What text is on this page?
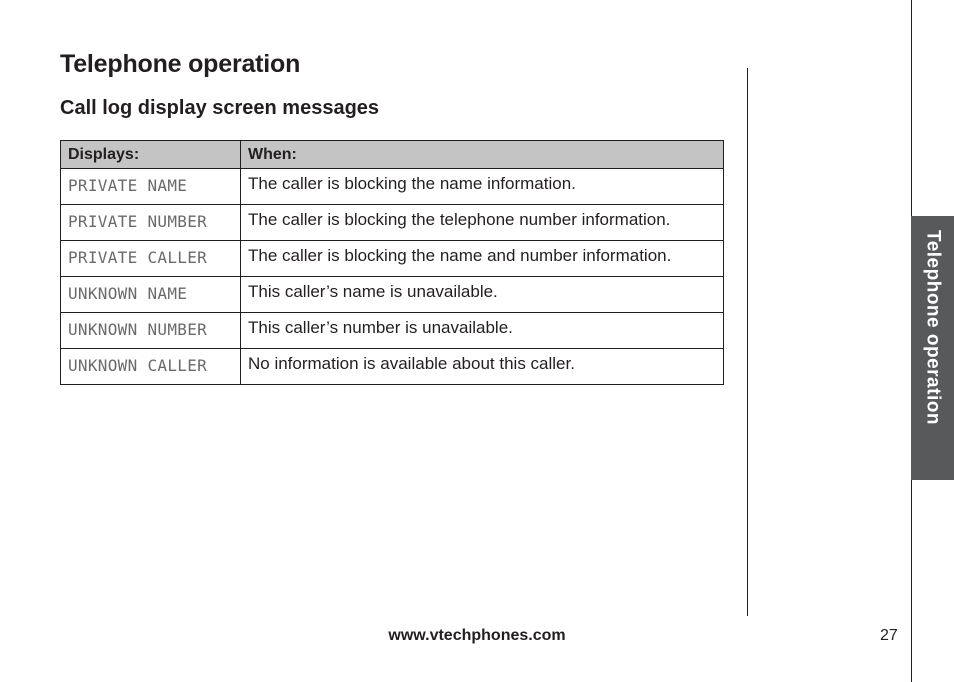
Telephone operation
Call log display screen messages
Displays:	When:
PRIVATE NAME	The caller is blocking the name information.
PRIVATE NUMBER	The caller is blocking the telephone number information.
PRIVATE CALLER	The caller is blocking the name and number information.
UNKNOWN NAME	This caller’s name is unavailable.
UNKNOWN NUMBER	This caller’s number is unavailable.
UNKNOWN CALLER	No information is available about this caller.	Telephone operation
www.vtechphones.com	27
